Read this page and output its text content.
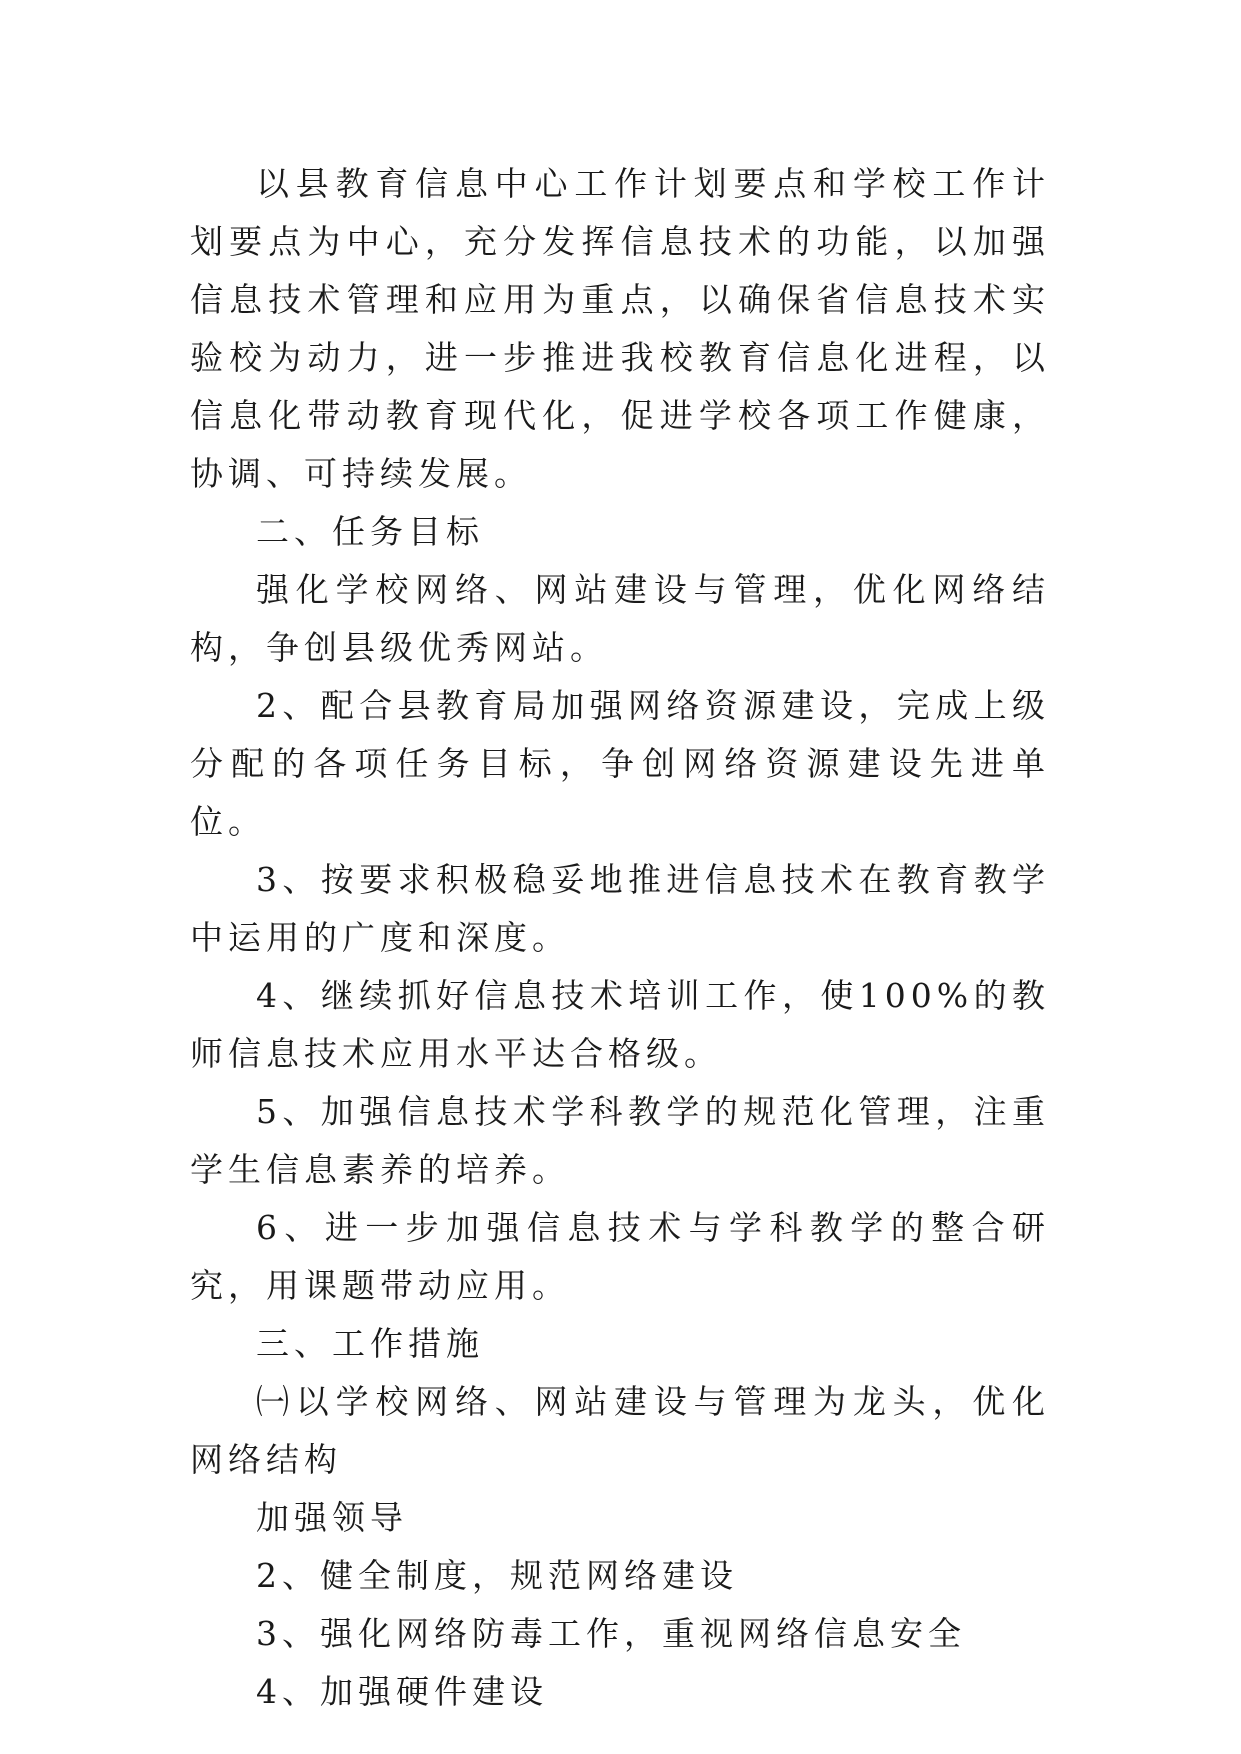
以县教育信息中心工作计划要点和学校工作计划要点为中心，充分发挥信息技术的功能，以加强信息技术管理和应用为重点，以确保省信息技术实验校为动力，进一步推进我校教育信息化进程，以信息化带动教育现代化，促进学校各项工作健康，协调、可持续发展。

二、任务目标

强化学校网络、网站建设与管理，优化网络结构，争创县级优秀网站。

2、配合县教育局加强网络资源建设，完成上级分配的各项任务目标，争创网络资源建设先进单位。

3、按要求积极稳妥地推进信息技术在教育教学中运用的广度和深度。

4、继续抓好信息技术培训工作，使100%的教师信息技术应用水平达合格级。

5、加强信息技术学科教学的规范化管理，注重学生信息素养的培养。

6、进一步加强信息技术与学科教学的整合研究，用课题带动应用。

三、工作措施

㈠以学校网络、网站建设与管理为龙头，优化网络结构

加强领导

2、健全制度，规范网络建设

3、强化网络防毒工作，重视网络信息安全

4、加强硬件建设
